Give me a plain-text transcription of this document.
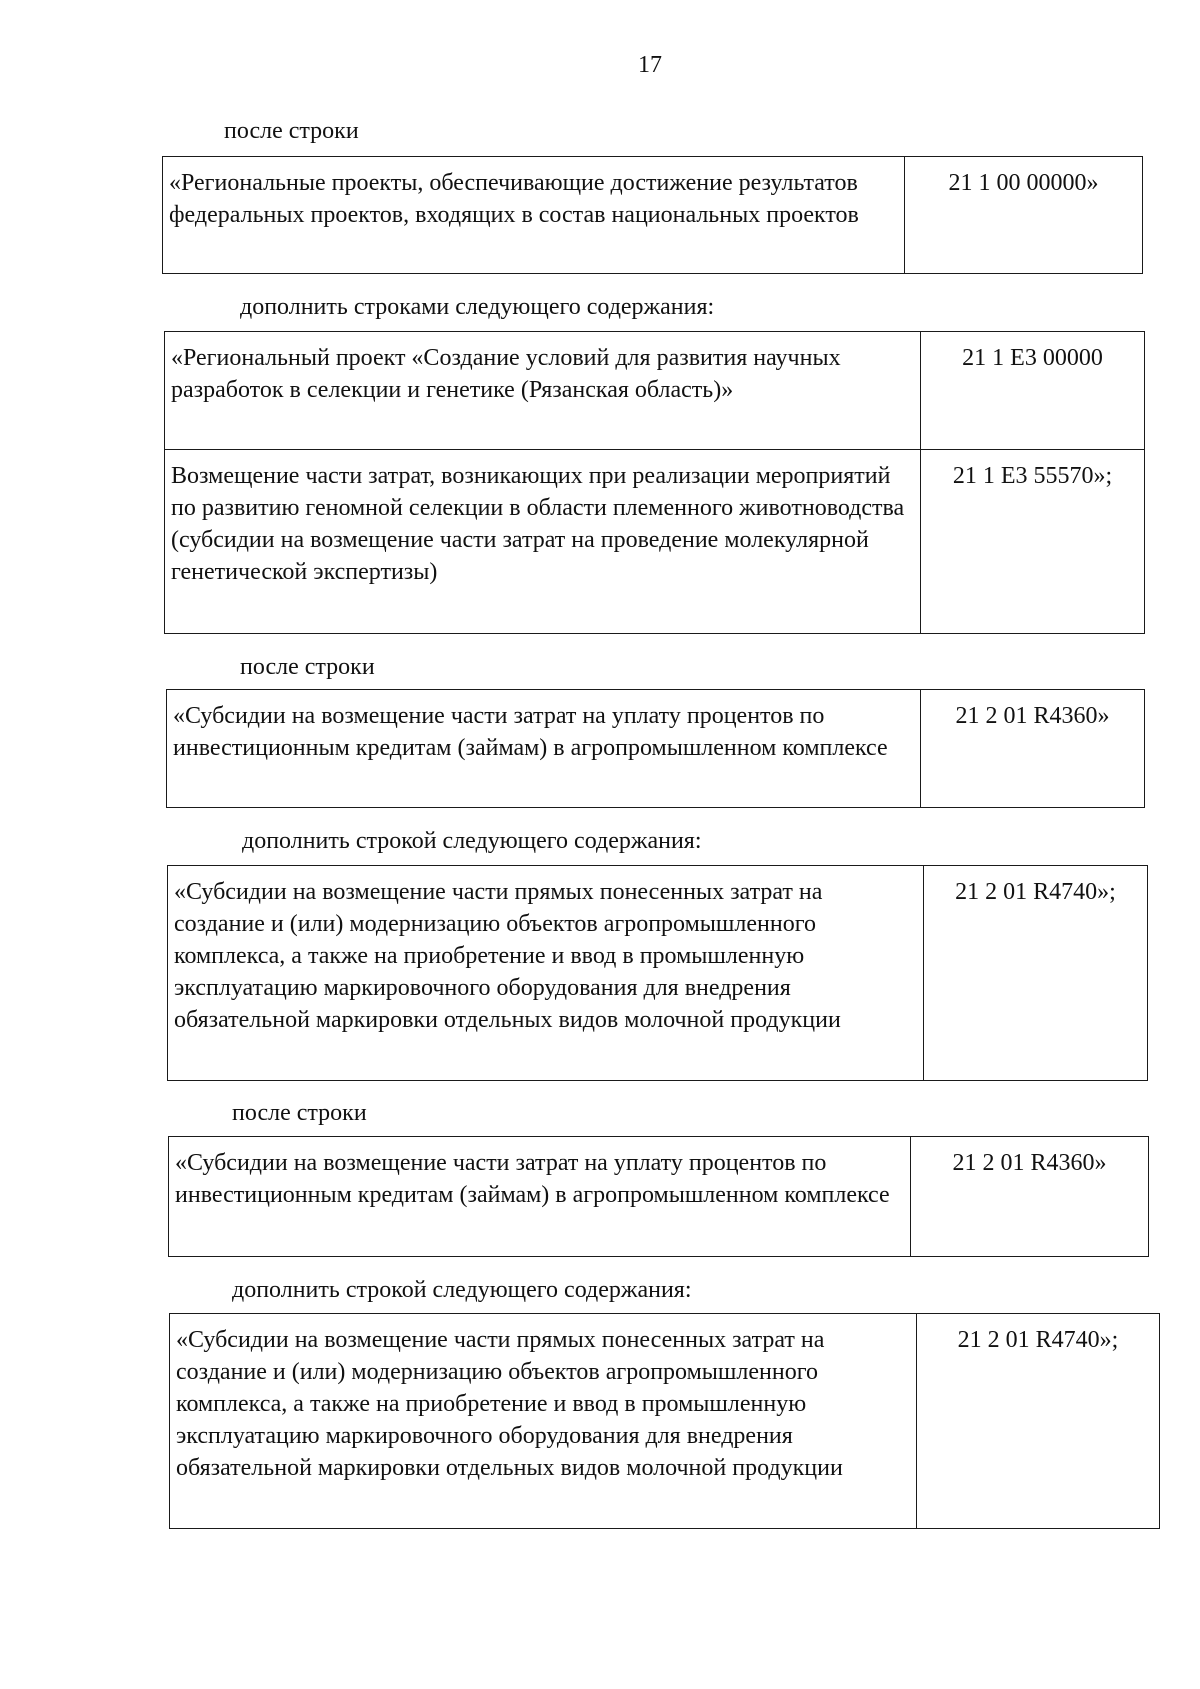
17
после строки
«Региональные проекты, обеспечивающие достижение результатов федеральных проектов, входящих в состав национальных проектов	21 1 00 00000»
дополнить строками следующего содержания:
«Региональный проект «Создание условий для развития научных разработок в селекции и генетике (Рязанская область)»	21 1 E3 00000
Возмещение части затрат, возникающих при реализации мероприятий по развитию геномной селекции в области племенного животноводства (субсидии на возмещение части затрат на проведение молекулярной генетической экспертизы)	21 1 E3 55570»;
после строки
«Субсидии на возмещение части затрат на уплату процентов по инвестиционным кредитам (займам) в агропромышленном комплексе	21 2 01 R4360»
дополнить строкой следующего содержания:
«Субсидии на возмещение части прямых понесенных затрат на создание и (или) модернизацию объектов агропромышленного комплекса, а также на приобретение и ввод в промышленную эксплуатацию маркировочного оборудования для внедрения обязательной маркировки отдельных видов молочной продукции	21 2 01 R4740»;
после строки
«Субсидии на возмещение части затрат на уплату процентов по инвестиционным кредитам (займам) в агропромышленном комплексе	21 2 01 R4360»
дополнить строкой следующего содержания:
«Субсидии на возмещение части прямых понесенных затрат на создание и (или) модернизацию объектов агропромышленного комплекса, а также на приобретение и ввод в промышленную эксплуатацию маркировочного оборудования для внедрения обязательной маркировки отдельных видов молочной продукции	21 2 01 R4740»;
